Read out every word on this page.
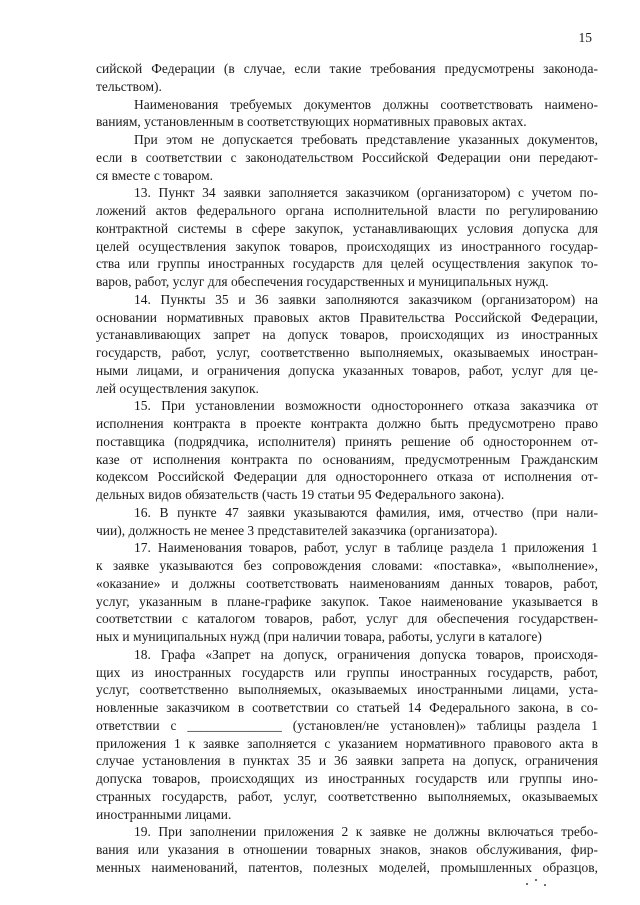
15
сийской Федерации (в случае, если такие требования предусмотрены законода-
тельством).
Наименования требуемых документов должны соответствовать наимено-
ваниям, установленным в соответствующих нормативных правовых актах.
При этом не допускается требовать представление указанных документов,
если в соответствии с законодательством Российской Федерации они передают-
ся вместе с товаром.
13. Пункт 34 заявки заполняется заказчиком (организатором) с учетом по-
ложений актов федерального органа исполнительной власти по регулированию
контрактной системы в сфере закупок, устанавливающих условия допуска для
целей осуществления закупок товаров, происходящих из иностранного государ-
ства или группы иностранных государств для целей осуществления закупок то-
варов, работ, услуг для обеспечения государственных и муниципальных нужд.
14. Пункты 35 и 36 заявки заполняются заказчиком (организатором) на
основании нормативных правовых актов Правительства Российской Федерации,
устанавливающих запрет на допуск товаров, происходящих из иностранных
государств, работ, услуг, соответственно выполняемых, оказываемых иностран-
ными лицами, и ограничения допуска указанных товаров, работ, услуг для це-
лей осуществления закупок.
15. При установлении возможности одностороннего отказа заказчика от
исполнения контракта в проекте контракта должно быть предусмотрено право
поставщика (подрядчика, исполнителя) принять решение об одностороннем от-
казе от исполнения контракта по основаниям, предусмотренным Гражданским
кодексом Российской Федерации для одностороннего отказа от исполнения от-
дельных видов обязательств (часть 19 статьи 95 Федерального закона).
16. В пункте 47 заявки указываются фамилия, имя, отчество (при нали-
чии), должность не менее 3 представителей заказчика (организатора).
17. Наименования товаров, работ, услуг в таблице раздела 1 приложения 1
к заявке указываются без сопровождения словами: «поставка», «выполнение»,
«оказание» и должны соответствовать наименованиям данных товаров, работ,
услуг, указанным в плане-графике закупок. Такое наименование указывается в
соответствии с каталогом товаров, работ, услуг для обеспечения государствен-
ных и муниципальных нужд (при наличии товара, работы, услуги в каталоге)
18. Графа «Запрет на допуск, ограничения допуска товаров, происходя-
щих из иностранных государств или группы иностранных государств, работ,
услуг, соответственно выполняемых, оказываемых иностранными лицами, уста-
новленные заказчиком в соответствии со статьей 14 Федерального закона, в со-
ответствии с ______________ (установлен/не установлен)» таблицы раздела 1
приложения 1 к заявке заполняется с указанием нормативного правового акта в
случае установления в пунктах 35 и 36 заявки запрета на допуск, ограничения
допуска товаров, происходящих из иностранных государств или группы ино-
странных государств, работ, услуг, соответственно выполняемых, оказываемых
иностранными лицами.
19. При заполнении приложения 2 к заявке не должны включаться требо-
вания или указания в отношении товарных знаков, знаков обслуживания, фир-
менных наименований, патентов, полезных моделей, промышленных образцов,
